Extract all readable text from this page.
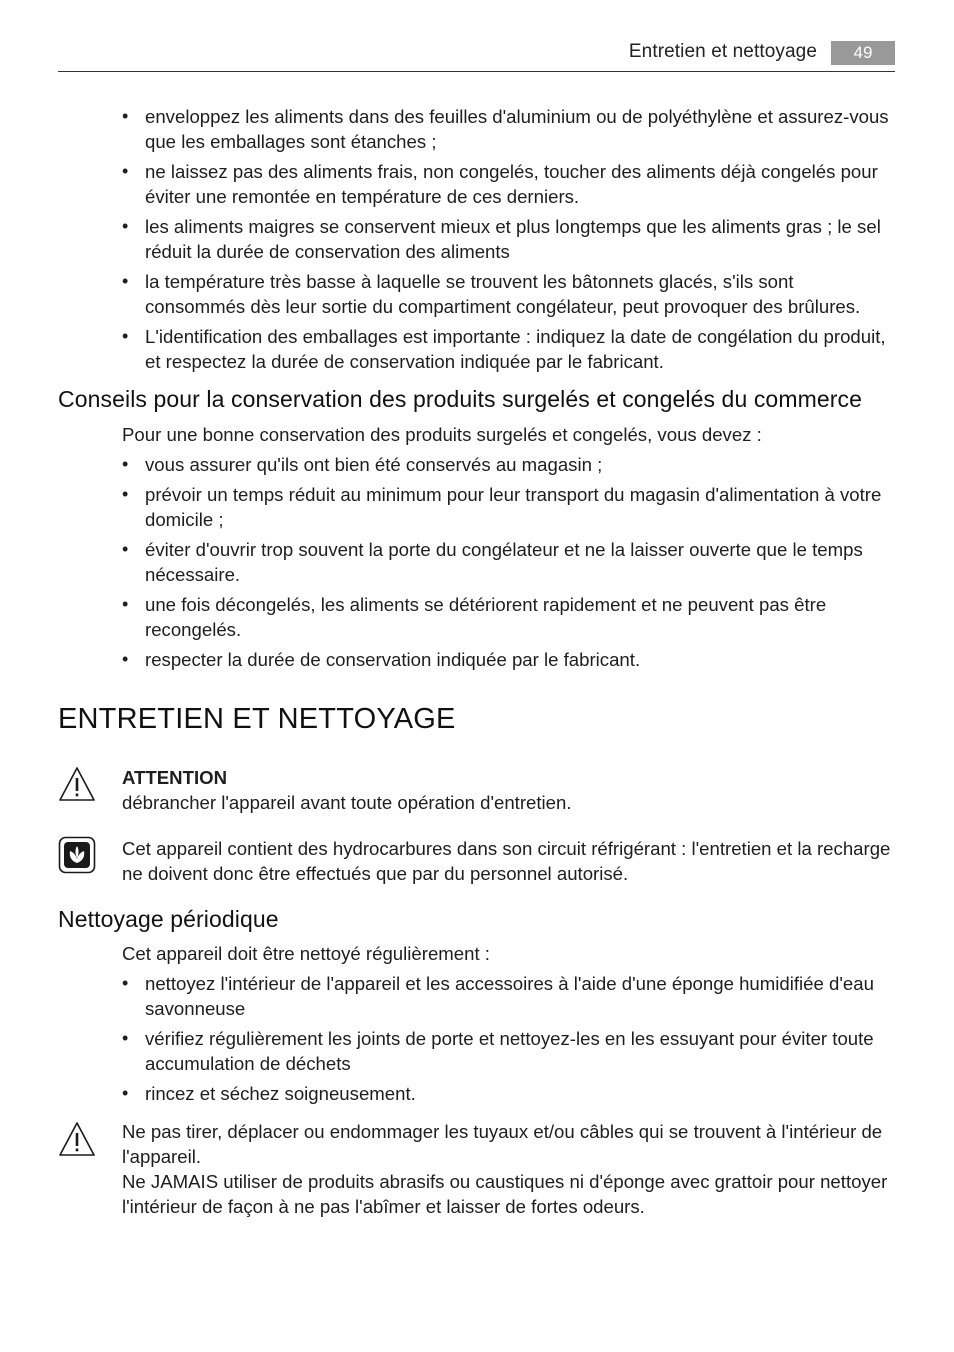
Entretien et nettoyage	49
• enveloppez les aliments dans des feuilles d'aluminium ou de polyéthylène et assurez-vous que les emballages sont étanches ;
• ne laissez pas des aliments frais, non congelés, toucher des aliments déjà congelés pour éviter une remontée en température de ces derniers.
• les aliments maigres se conservent mieux et plus longtemps que les aliments gras ; le sel réduit la durée de conservation des aliments
• la température très basse à laquelle se trouvent les bâtonnets glacés, s'ils sont consommés dès leur sortie du compartiment congélateur, peut provoquer des brûlures.
• L'identification des emballages est importante : indiquez la date de congélation du produit, et respectez la durée de conservation indiquée par le fabricant.
Conseils pour la conservation des produits surgelés et congelés du commerce

Pour une bonne conservation des produits surgelés et congelés, vous devez :

• vous assurer qu'ils ont bien été conservés au magasin ;
• prévoir un temps réduit au minimum pour leur transport du magasin d'alimentation à votre domicile ;
• éviter d'ouvrir trop souvent la porte du congélateur et ne la laisser ouverte que le temps nécessaire.
• une fois décongelés, les aliments se détériorent rapidement et ne peuvent pas être recongelés.
• respecter la durée de conservation indiquée par le fabricant.
ENTRETIEN ET NETTOYAGE

ATTENTION

débrancher l'appareil avant toute opération d'entretien.

Cet appareil contient des hydrocarbures dans son circuit réfrigérant : l'entretien et la recharge ne doivent donc être effectués que par du personnel autorisé.

Nettoyage périodique

Cet appareil doit être nettoyé régulièrement :

• nettoyez l'intérieur de l'appareil et les accessoires à l'aide d'une éponge humidifiée d'eau savonneuse
• vérifiez régulièrement les joints de porte et nettoyez-les en les essuyant pour éviter toute accumulation de déchets
• rincez et séchez soigneusement.

Ne pas tirer, déplacer ou endommager les tuyaux et/ou câbles qui se trouvent à l'intérieur de l'appareil.

Ne JAMAIS utiliser de produits abrasifs ou caustiques ni d'éponge avec grattoir pour nettoyer l'intérieur de façon à ne pas l'abîmer et laisser de fortes odeurs.
